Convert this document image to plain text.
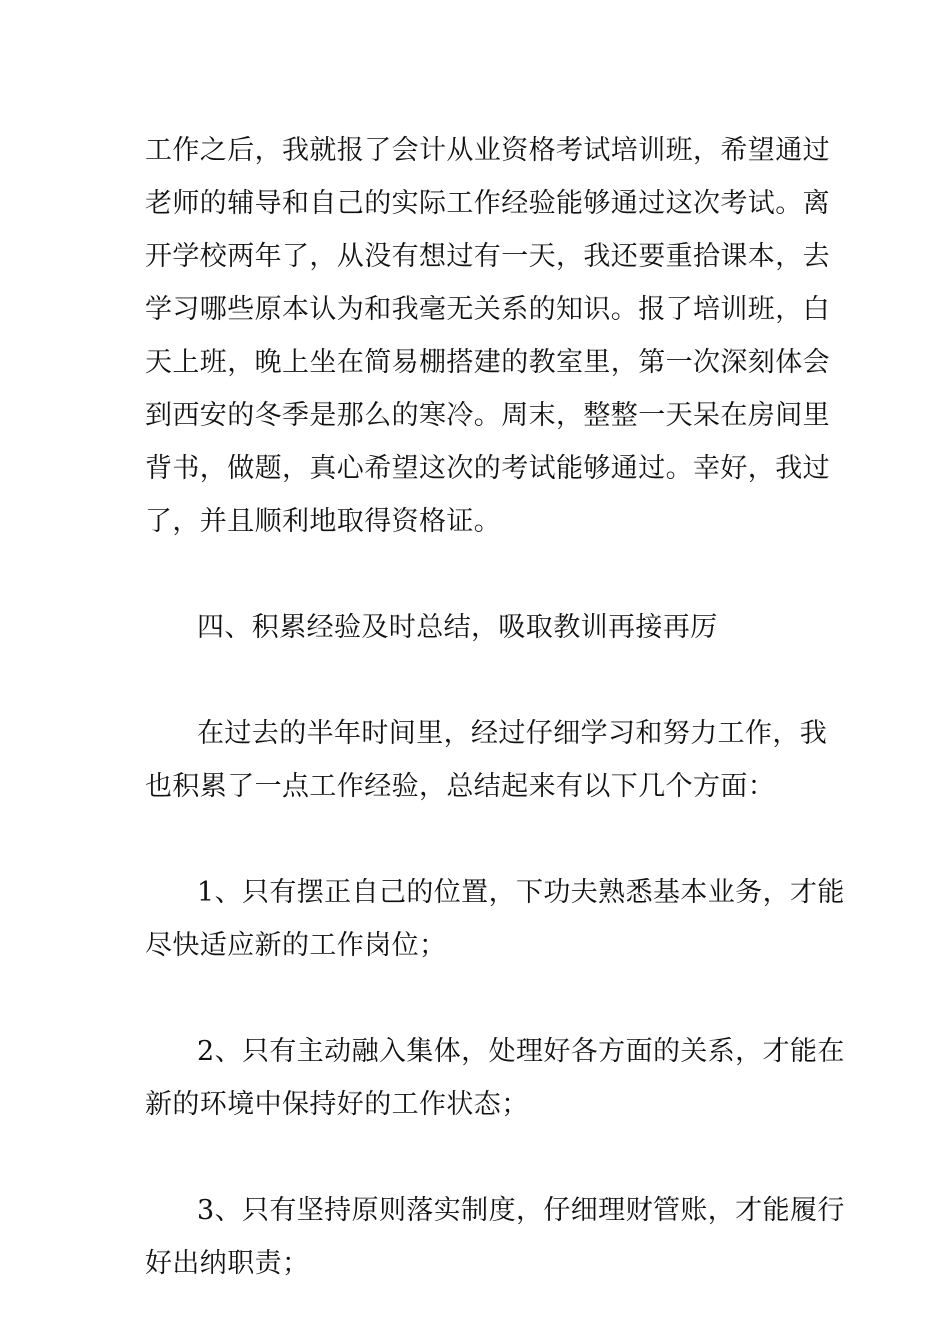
工作之后，我就报了会计从业资格考试培训班，希望通过
老师的辅导和自己的实际工作经验能够通过这次考试。离
开学校两年了，从没有想过有一天，我还要重拾课本，去
学习哪些原本认为和我毫无关系的知识。报了培训班，白
天上班，晚上坐在简易棚搭建的教室里，第一次深刻体会
到西安的冬季是那么的寒冷。周末，整整一天呆在房间里
背书，做题，真心希望这次的考试能够通过。幸好，我过
了，并且顺利地取得资格证。
四、积累经验及时总结，吸取教训再接再厉
在过去的半年时间里，经过仔细学习和努力工作，我
也积累了一点工作经验，总结起来有以下几个方面：
1、只有摆正自己的位置，下功夫熟悉基本业务，才能
尽快适应新的工作岗位；
2、只有主动融入集体，处理好各方面的关系，才能在
新的环境中保持好的工作状态；
3、只有坚持原则落实制度，仔细理财管账，才能履行
好出纳职责；
